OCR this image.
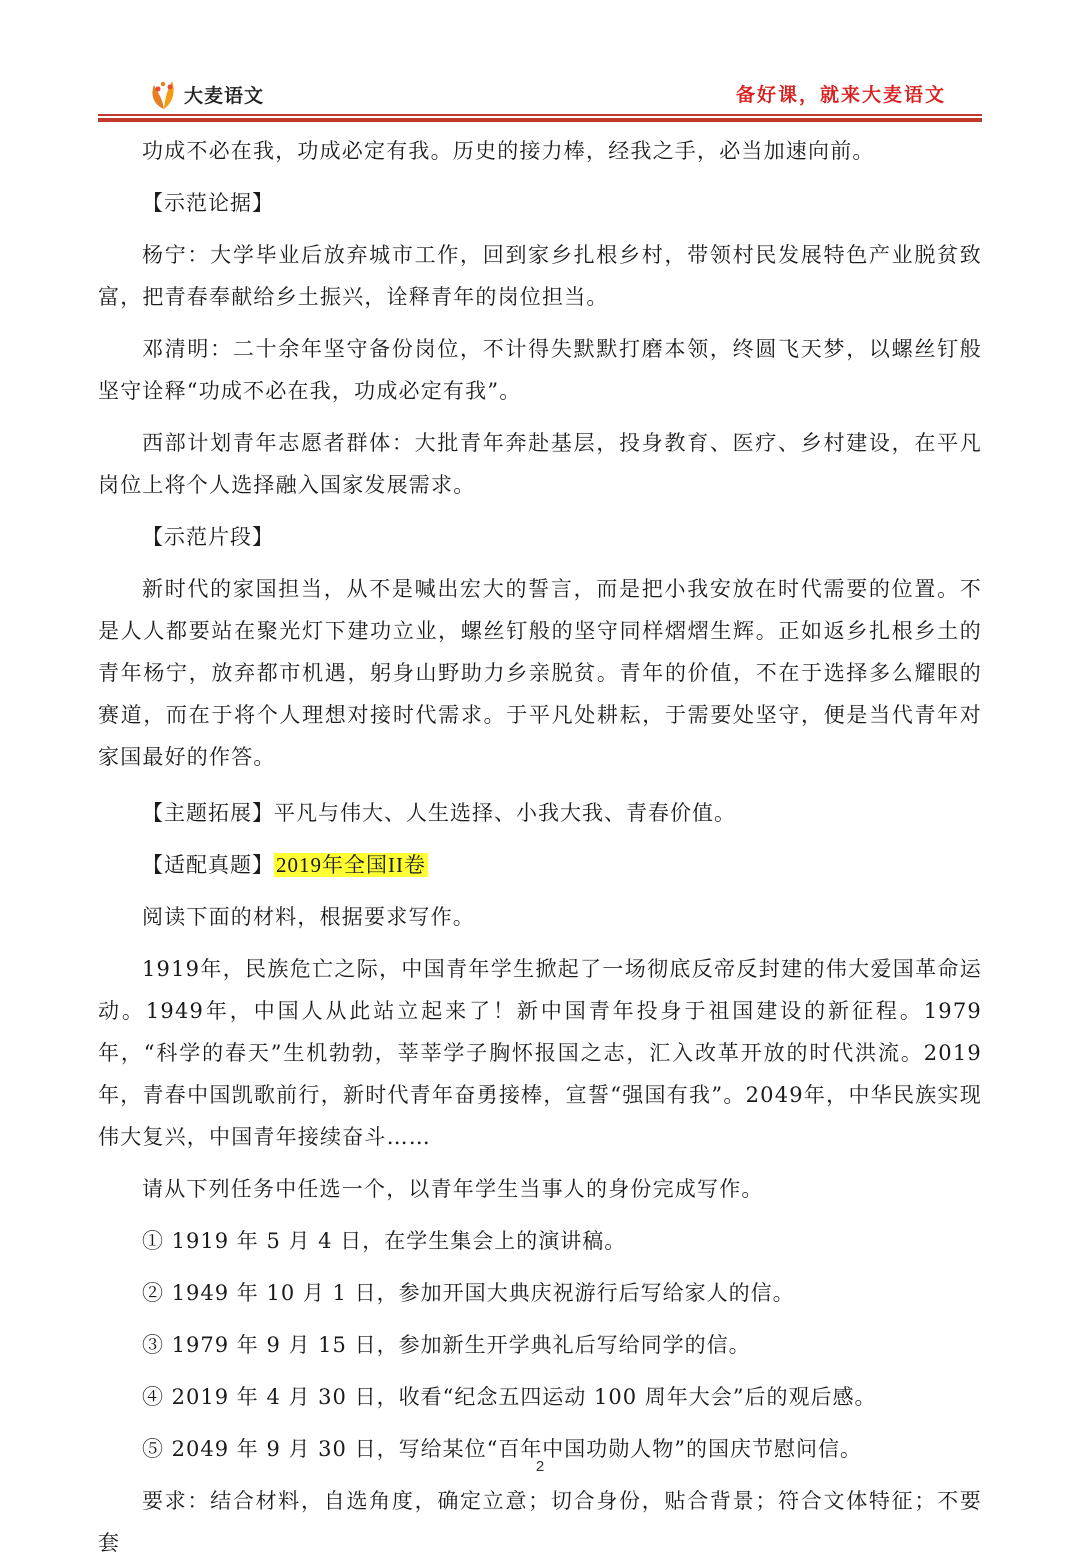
大麦语文	备好课，就来大麦语文

功成不必在我，功成必定有我。历史的接力棒，经我之手，必当加速向前。

【示范论据】

杨宁：大学毕业后放弃城市工作，回到家乡扎根乡村，带领村民发展特色产业脱贫致富，把青春奉献给乡土振兴，诠释青年的岗位担当。

邓清明：二十余年坚守备份岗位，不计得失默默打磨本领，终圆飞天梦，以螺丝钉般坚守诠释“功成不必在我，功成必定有我”。

西部计划青年志愿者群体：大批青年奔赴基层，投身教育、医疗、乡村建设，在平凡岗位上将个人选择融入国家发展需求。

【示范片段】

新时代的家国担当，从不是喊出宏大的誓言，而是把小我安放在时代需要的位置。不是人人都要站在聚光灯下建功立业，螺丝钉般的坚守同样熠熠生辉。正如返乡扎根乡土的青年杨宁，放弃都市机遇，躬身山野助力乡亲脱贫。青年的价值，不在于选择多么耀眼的赛道，而在于将个人理想对接时代需求。于平凡处耕耘，于需要处坚守，便是当代青年对家国最好的作答。

【主题拓展】平凡与伟大、人生选择、小我大我、青春价值。

【适配真题】2019年全国II卷

阅读下面的材料，根据要求写作。

1919年，民族危亡之际，中国青年学生掀起了一场彻底反帝反封建的伟大爱国革命运动。1949年，中国人从此站立起来了！新中国青年投身于祖国建设的新征程。1979年，“科学的春天”生机勃勃，莘莘学子胸怀报国之志，汇入改革开放的时代洪流。2019年，青春中国凯歌前行，新时代青年奋勇接棒，宣誓“强国有我”。2049年，中华民族实现伟大复兴，中国青年接续奋斗……

请从下列任务中任选一个，以青年学生当事人的身份完成写作。

① 1919 年 5 月 4 日，在学生集会上的演讲稿。

② 1949 年 10 月 1 日，参加开国大典庆祝游行后写给家人的信。

③ 1979 年 9 月 15 日，参加新生开学典礼后写给同学的信。

④ 2019 年 4 月 30 日，收看“纪念五四运动 100 周年大会”后的观后感。

⑤ 2049 年 9 月 30 日，写给某位“百年中国功勋人物”的国庆节慰问信。

要求：结合材料，自选角度，确定立意；切合身份，贴合背景；符合文体特征；不要套

2
